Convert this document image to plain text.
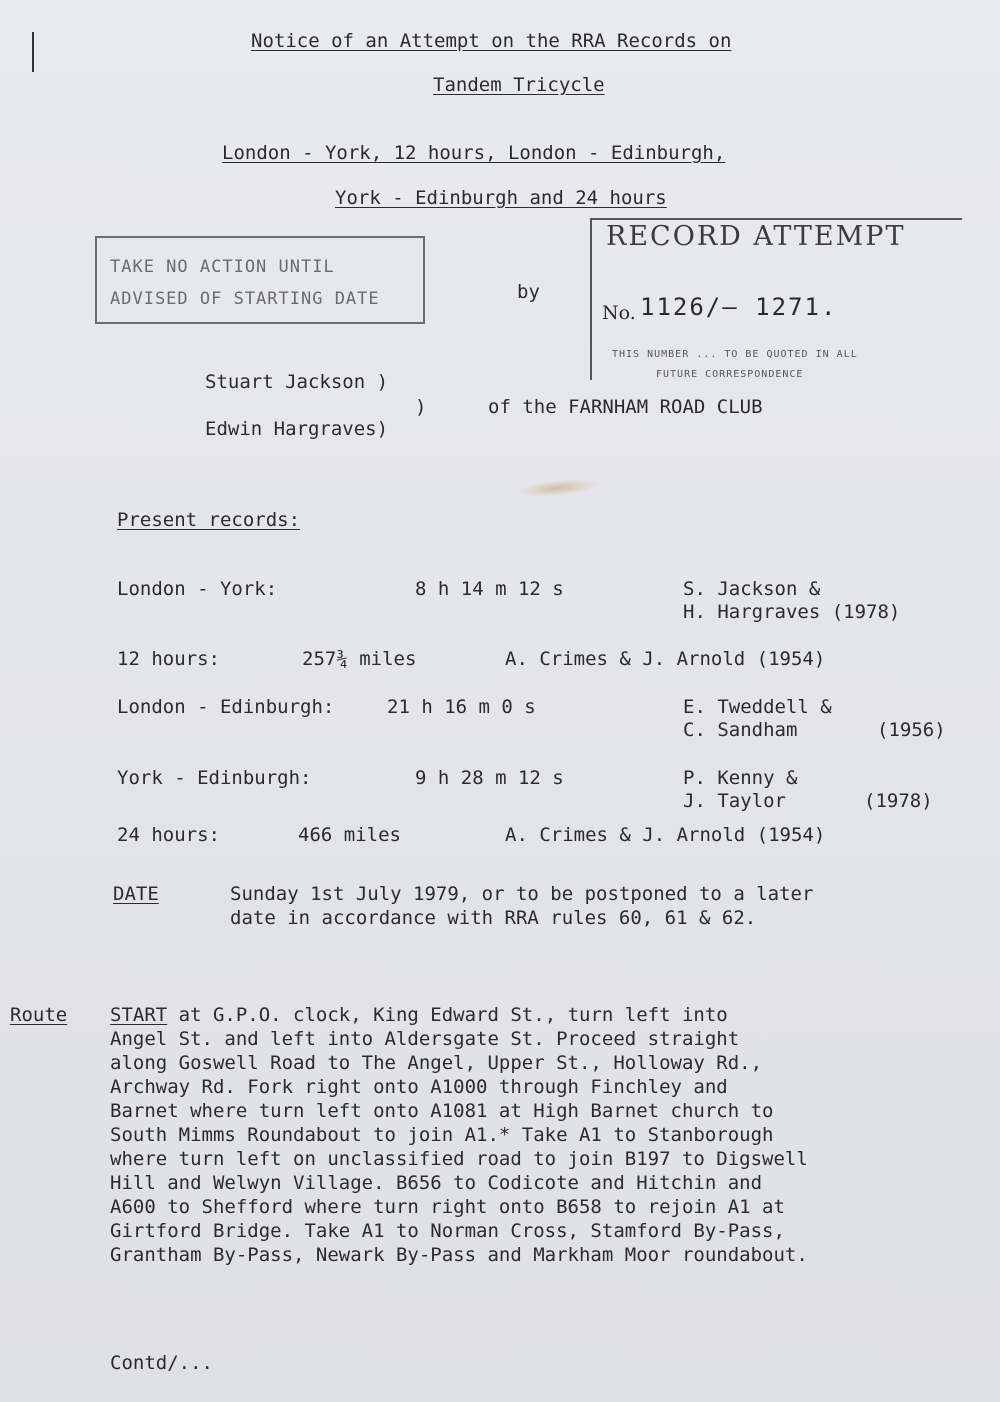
Notice of an Attempt on the RRA Records on
Tandem Tricycle
London - York, 12 hours, London - Edinburgh,
York - Edinburgh and 24 hours
TAKE NO ACTION UNTIL
ADVISED OF STARTING DATE
RECORD ATTEMPT
No. 1126/— 1271.
THIS NUMBER ... TO BE QUOTED IN ALL
FUTURE CORRESPONDENCE
by
Stuart Jackson )
)
Edwin Hargraves)
of the FARNHAM ROAD CLUB
Present records:
London - York:	8 h 14 m 12 s	S. Jackson &
H. Hargraves (1978)
12 hours:	257¾ miles	A. Crimes & J. Arnold (1954)
London - Edinburgh:	21 h 16 m 0 s	E. Tweddell &
C. Sandham	(1956)
York - Edinburgh:	9 h 28 m 12 s	P. Kenny &
J. Taylor	(1978)
24 hours:	466 miles	A. Crimes & J. Arnold (1954)
DATE	Sunday 1st July 1979, or to be postponed to a later
date in accordance with RRA rules 60, 61 & 62.
Route START at G.P.O. clock, King Edward St., turn left into
Angel St. and left into Aldersgate St. Proceed straight
along Goswell Road to The Angel, Upper St., Holloway Rd.,
Archway Rd. Fork right onto A1000 through Finchley and
Barnet where turn left onto A1081 at High Barnet church to
South Mimms Roundabout to join A1.* Take A1 to Stanborough
where turn left on unclassified road to join B197 to Digswell
Hill and Welwyn Village. B656 to Codicote and Hitchin and
A600 to Shefford where turn right onto B658 to rejoin A1 at
Girtford Bridge. Take A1 to Norman Cross, Stamford By-Pass,
Grantham By-Pass, Newark By-Pass and Markham Moor roundabout.
Contd/...
